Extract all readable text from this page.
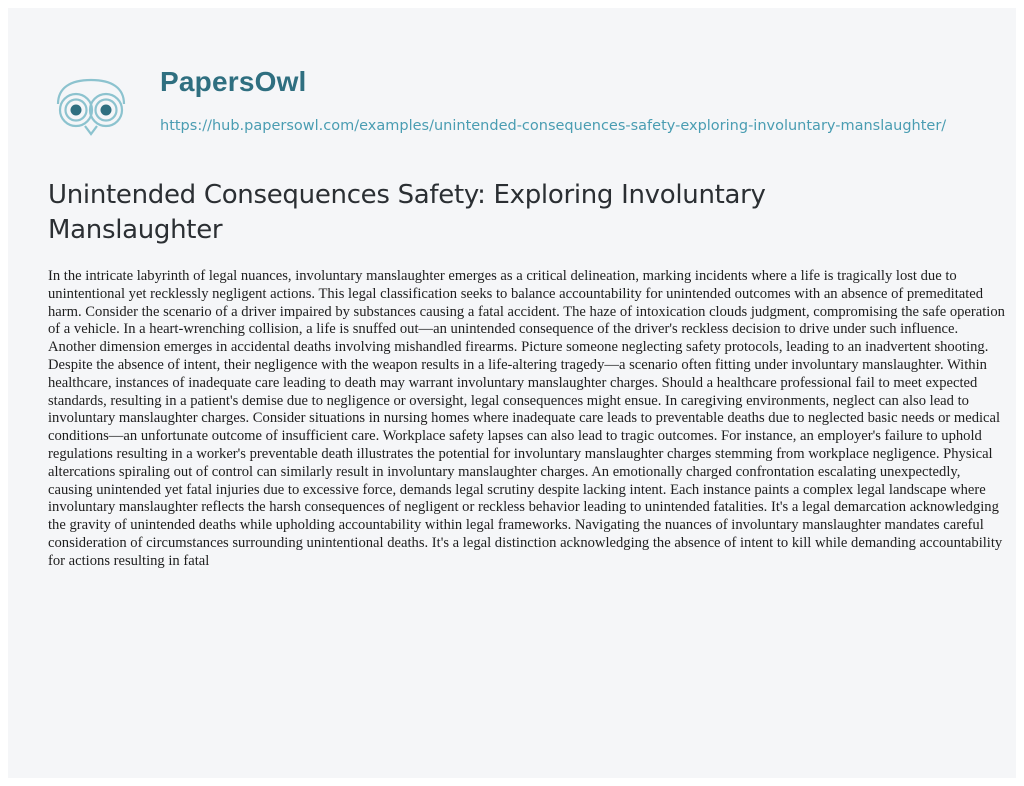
PapersOwl
https://hub.papersowl.com/examples/unintended-consequences-safety-exploring-involuntary-manslaughter/
Unintended Consequences Safety: Exploring Involuntary Manslaughter

In the intricate labyrinth of legal nuances, involuntary manslaughter emerges as a critical delineation, marking incidents where a life is tragically lost due to unintentional yet recklessly negligent actions. This legal classification seeks to balance accountability for unintended outcomes with an absence of premeditated harm. Consider the scenario of a driver impaired by substances causing a fatal accident. The haze of intoxication clouds judgment, compromising the safe operation of a vehicle. In a heart-wrenching collision, a life is snuffed out—an unintended consequence of the driver's reckless decision to drive under such influence. Another dimension emerges in accidental deaths involving mishandled firearms. Picture someone neglecting safety protocols, leading to an inadvertent shooting. Despite the absence of intent, their negligence with the weapon results in a life-altering tragedy—a scenario often fitting under involuntary manslaughter. Within healthcare, instances of inadequate care leading to death may warrant involuntary manslaughter charges. Should a healthcare professional fail to meet expected standards, resulting in a patient's demise due to negligence or oversight, legal consequences might ensue. In caregiving environments, neglect can also lead to involuntary manslaughter charges. Consider situations in nursing homes where inadequate care leads to preventable deaths due to neglected basic needs or medical conditions—an unfortunate outcome of insufficient care. Workplace safety lapses can also lead to tragic outcomes. For instance, an employer's failure to uphold regulations resulting in a worker's preventable death illustrates the potential for involuntary manslaughter charges stemming from workplace negligence. Physical altercations spiraling out of control can similarly result in involuntary manslaughter charges. An emotionally charged confrontation escalating unexpectedly, causing unintended yet fatal injuries due to excessive force, demands legal scrutiny despite lacking intent. Each instance paints a complex legal landscape where involuntary manslaughter reflects the harsh consequences of negligent or reckless behavior leading to unintended fatalities. It's a legal demarcation acknowledging the gravity of unintended deaths while upholding accountability within legal frameworks. Navigating the nuances of involuntary manslaughter mandates careful consideration of circumstances surrounding unintentional deaths. It's a legal distinction acknowledging the absence of intent to kill while demanding accountability for actions resulting in fatal
